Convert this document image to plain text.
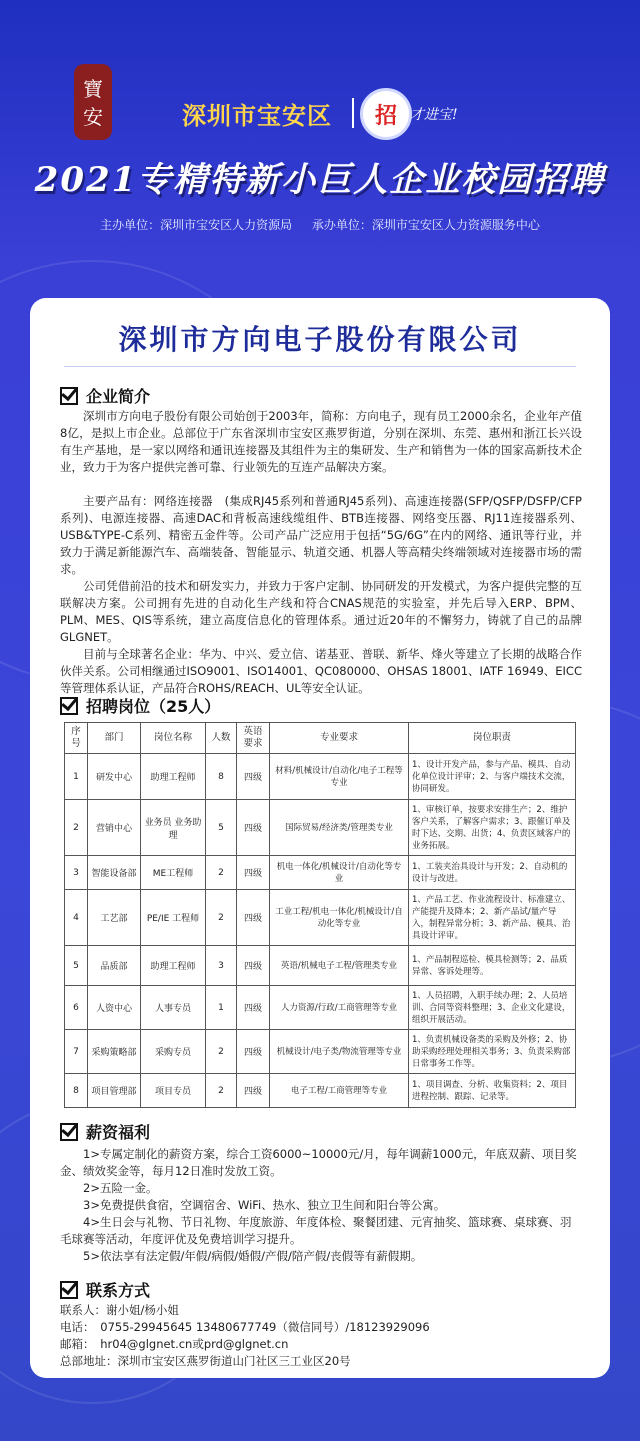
寶
安	深圳市宝安区	招 才进宝!
2021专精特新小巨人企业校园招聘
主办单位：深圳市宝安区人力资源局 承办单位：深圳市宝安区人力资源服务中心
深圳市方向电子股份有限公司
企业简介
深圳市方向电子股份有限公司始创于2003年，简称：方向电子，现有员工2000余名，企业年产值8亿，是拟上市企业。总部位于广东省深圳市宝安区燕罗街道，分别在深圳、东莞、惠州和浙江长兴设有生产基地，是一家以网络和通讯连接器及其组件为主的集研发、生产和销售为一体的国家高新技术企业，致力于为客户提供完善可靠、行业领先的互连产品解决方案。
主要产品有：网络连接器　(集成RJ45系列和普通RJ45系列)、高速连接器(SFP/QSFP/DSFP/CFP系列)、电源连接器、高速DAC和背板高速线缆组件、BTB连接器、网络变压器、RJ11连接器系列、USB&TYPE-C系列、精密五金件等。公司产品广泛应用于包括“5G/6G”在内的网络、通讯等行业，并致力于满足新能源汽车、高端装备、智能显示、轨道交通、机器人等高精尖终端领域对连接器市场的需求。
公司凭借前沿的技术和研发实力，并致力于客户定制、协同研发的开发模式，为客户提供完整的互联解决方案。公司拥有先进的自动化生产线和符合CNAS规范的实验室，并先后导入ERP、BPM、PLM、MES、QIS等系统，建立高度信息化的管理体系。通过近20年的不懈努力，铸就了自己的品牌GLGNET。
目前与全球著名企业：华为、中兴、爱立信、诺基亚、普联、新华、烽火等建立了长期的战略合作伙伴关系。公司相继通过ISO9001、ISO14001、QC080000、OHSAS 18001、IATF 16949、EICC等管理体系认证，产品符合ROHS/REACH、UL等安全认证。
招聘岗位（25人）
序号	部门	岗位名称	人数	英语要求	专业要求	岗位职责
1	研发中心	助理工程师	8	四级	材料/机械设计/自动化/电子工程等专业	1、设计开发产品，参与产品、模具、自动化单位设计评审；2、与客户端技术交流，协同研发。
2	营销中心	业务员 业务助理	5	四级	国际贸易/经济类/管理类专业	1、审核订单，按要求安排生产；2、维护客户关系，了解客户需求；3、跟催订单及时下达、交期、出货；4、负责区域客户的业务拓展。
3	智能设备部	ME工程师	2	四级	机电一体化/机械设计/自动化等专业	1、工装夹治具设计与开发；2、自动机的设计与改进。
4	工艺部	PE/IE 工程师	2	四级	工业工程/机电一体化/机械设计/自动化等专业	1、产品工艺、作业流程设计、标准建立、产能提升及降本；2、新产品试/量产导入，制程异常分析；3、新产品、模具、治具设计评审。
5	品质部	助理工程师	3	四级	英语/机械电子工程/管理类专业	1、产品制程巡检、模具检测等；2、品质异常、客诉处理等。
6	人资中心	人事专员	1	四级	人力资源/行政/工商管理等专业	1、人员招聘，入职手续办理；2、人员培训、合同等资料整理；3、企业文化建设，组织开展活动。
7	采购策略部	采购专员	2	四级	机械设计/电子类/物流管理等专业	1、负责机械设备类的采购及外修；2、协助采购经理处理相关事务；3、负责采购部日常事务工作等。
8	项目管理部	项目专员	2	四级	电子工程/工商管理等专业	1、项目调查、分析、收集资料；2、项目进程控制、跟踪、记录等。
薪资福利
1>专属定制化的薪资方案，综合工资6000~10000元/月，每年调薪1000元，年底双薪、项目奖金、绩效奖金等，每月12日准时发放工资。
2>五险一金。
3>免费提供食宿，空调宿舍、WiFi、热水、独立卫生间和阳台等公寓。
4>生日会与礼物、节日礼物、年度旅游、年度体检、聚餐团建、元宵抽奖、篮球赛、桌球赛、羽毛球赛等活动，年度评优及免费培训学习提升。
5>依法享有法定假/年假/病假/婚假/产假/陪产假/丧假等有薪假期。
联系方式
联系人：谢小姐/杨小姐
电话：　0755-29945645 13480677749（微信同号）/18123929096
邮箱：　hr04@glgnet.cn或prd@glgnet.cn
总部地址：深圳市宝安区燕罗街道山门社区三工业区20号
